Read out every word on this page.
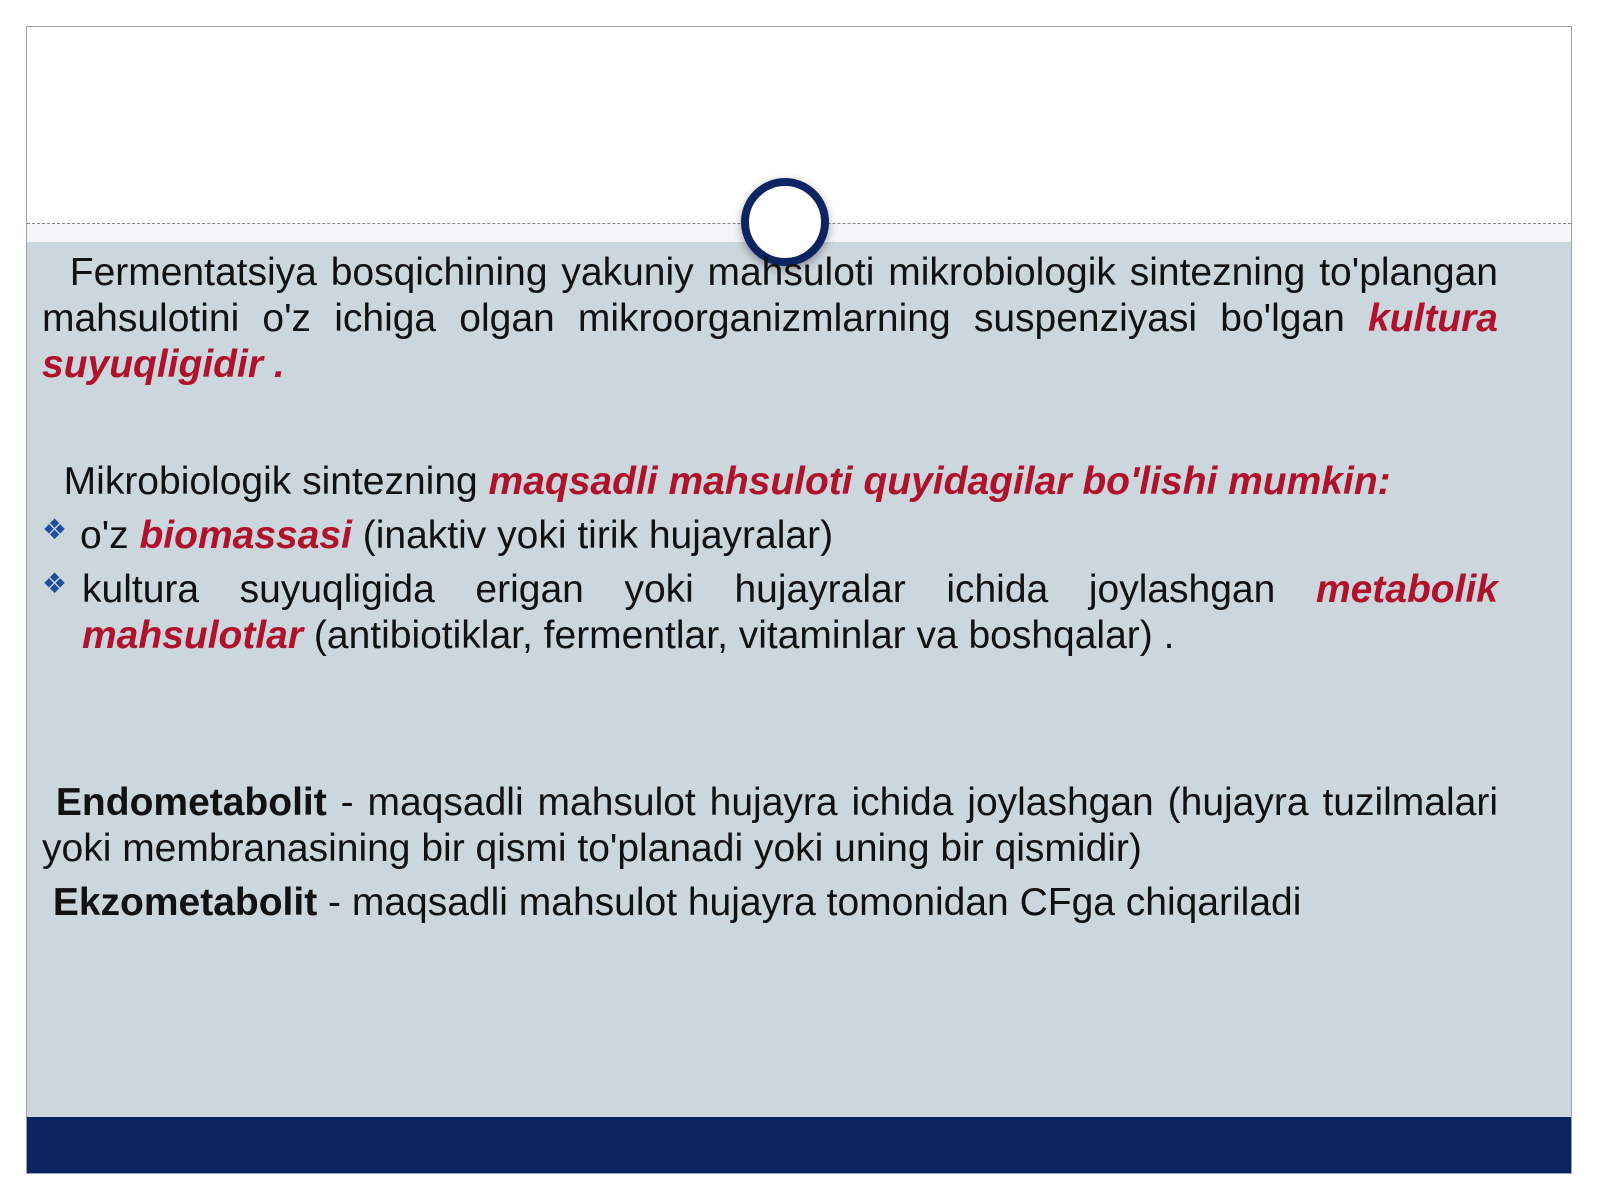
Fermentatsiya bosqichining yakuniy mahsuloti mikrobiologik sintezning to'plangan mahsulotini o'z ichiga olgan mikroorganizmlarning suspenziyasi bo'lgan kultura suyuqligidir .
Mikrobiologik sintezning maqsadli mahsuloti quyidagilar bo'lishi mumkin:
❖ o'z biomassasi (inaktiv yoki tirik hujayralar)
❖ kultura suyuqligida erigan yoki hujayralar ichida joylashgan metabolik mahsulotlar (antibiotiklar, fermentlar, vitaminlar va boshqalar) .
Endometabolit - maqsadli mahsulot hujayra ichida joylashgan (hujayra tuzilmalari yoki membranasining bir qismi to'planadi yoki uning bir qismidir)
Ekzometabolit - maqsadli mahsulot hujayra tomonidan CFga chiqariladi
